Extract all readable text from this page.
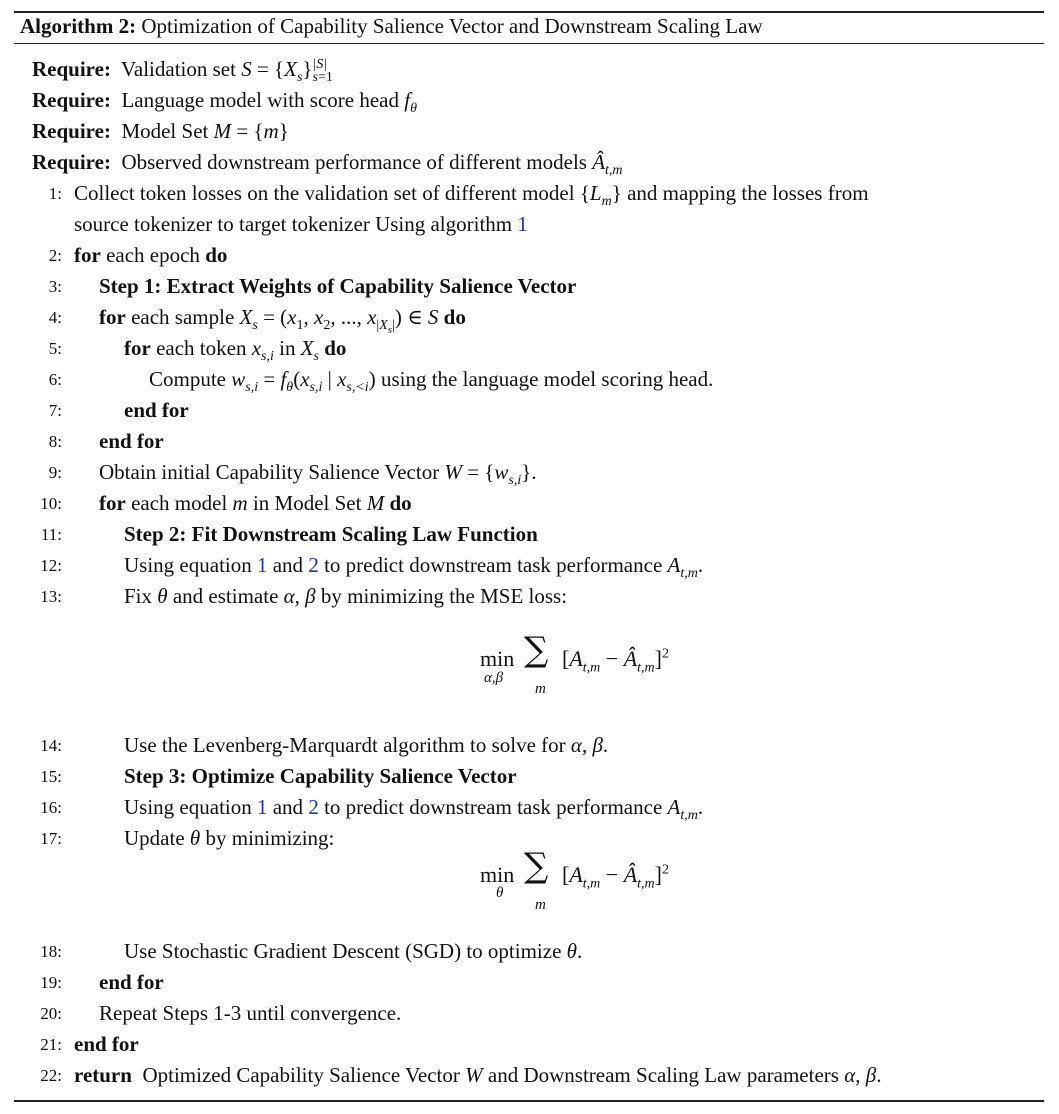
Algorithm 2: Optimization of Capability Salience Vector and Downstream Scaling Law
Require:  Validation set $S = \{X_s\}$ |S|
s=1
Require:  Language model with score head $f_\theta$
Require:  Model Set M = {m}
Require:  Observed downstream performance of different models $Â_{t,m}$
1: Collect token losses on the validation set of different model $\{L_m\}$ and mapping the losses from
source tokenizer to target tokenizer Using algorithm 1
2: for each epoch do
3: Step 1: Extract Weights of Capability Salience Vector
4: for each sample $X_s = (x_1$, $x_2$, ..., $x_{|X_s|}$) ∈ S do
5:	for each token $x_{s,i}$ in $X_s$ do
6:	Compute $w_{s,i} = f_\theta(x_{s,i}$ | $x_{s,<i}$) using the language model scoring head.
7:	end for
8: end for
9: Obtain initial Capability Salience Vector $W = \{w_{s,i}\}$.
10: for each model m in Model Set M do
11:	Step 2: Fit Downstream Scaling Law Function
12:	Using equation 1 and 2 to predict downstream task performance $A_{t,m}$.
13:	Fix θ and estimate α, β by minimizing the MSE loss:
min
α,β
∑
m
[$A_{t,m}$ − $Â_{t,m}]^2$
14:	Use the Levenberg-Marquardt algorithm to solve for α, β.
15:	Step 3: Optimize Capability Salience Vector
16:	Using equation 1 and 2 to predict downstream task performance $A_{t,m}$.
17:	Update θ by minimizing:
min
θ
∑
m
[$A_{t,m}$ − $Â_{t,m}]^2$
18:	Use Stochastic Gradient Descent (SGD) to optimize θ.
19: end for
20: Repeat Steps 1-3 until convergence.
21: end for
22: return  Optimized Capability Salience Vector W and Downstream Scaling Law parameters α, β.
